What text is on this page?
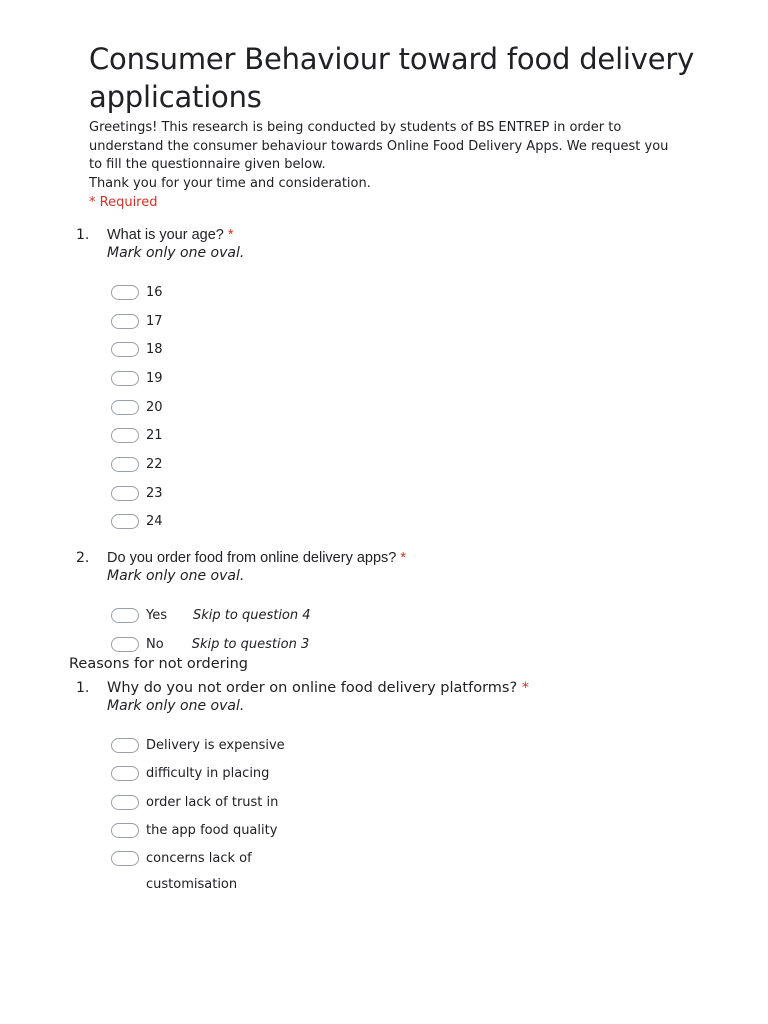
Consumer Behaviour toward food delivery applications

Greetings! This research is being conducted by students of BS ENTREP in order to understand the consumer behaviour towards Online Food Delivery Apps. We request you to fill the questionnaire given below.

Thank you for your time and consideration.

* Required
1. What is your age? *
Mark only one oval.
16
17
18
19
20
21
22
23
24
2. Do you order food from online delivery apps? *
Mark only one oval.
Yes Skip to question 4
No Skip to question 3
Reasons for not ordering
1. Why do you not order on online food delivery platforms? *
Mark only one oval.
Delivery is expensive
difficulty in placing
order lack of trust in
the app food quality
concerns lack of
customisation
